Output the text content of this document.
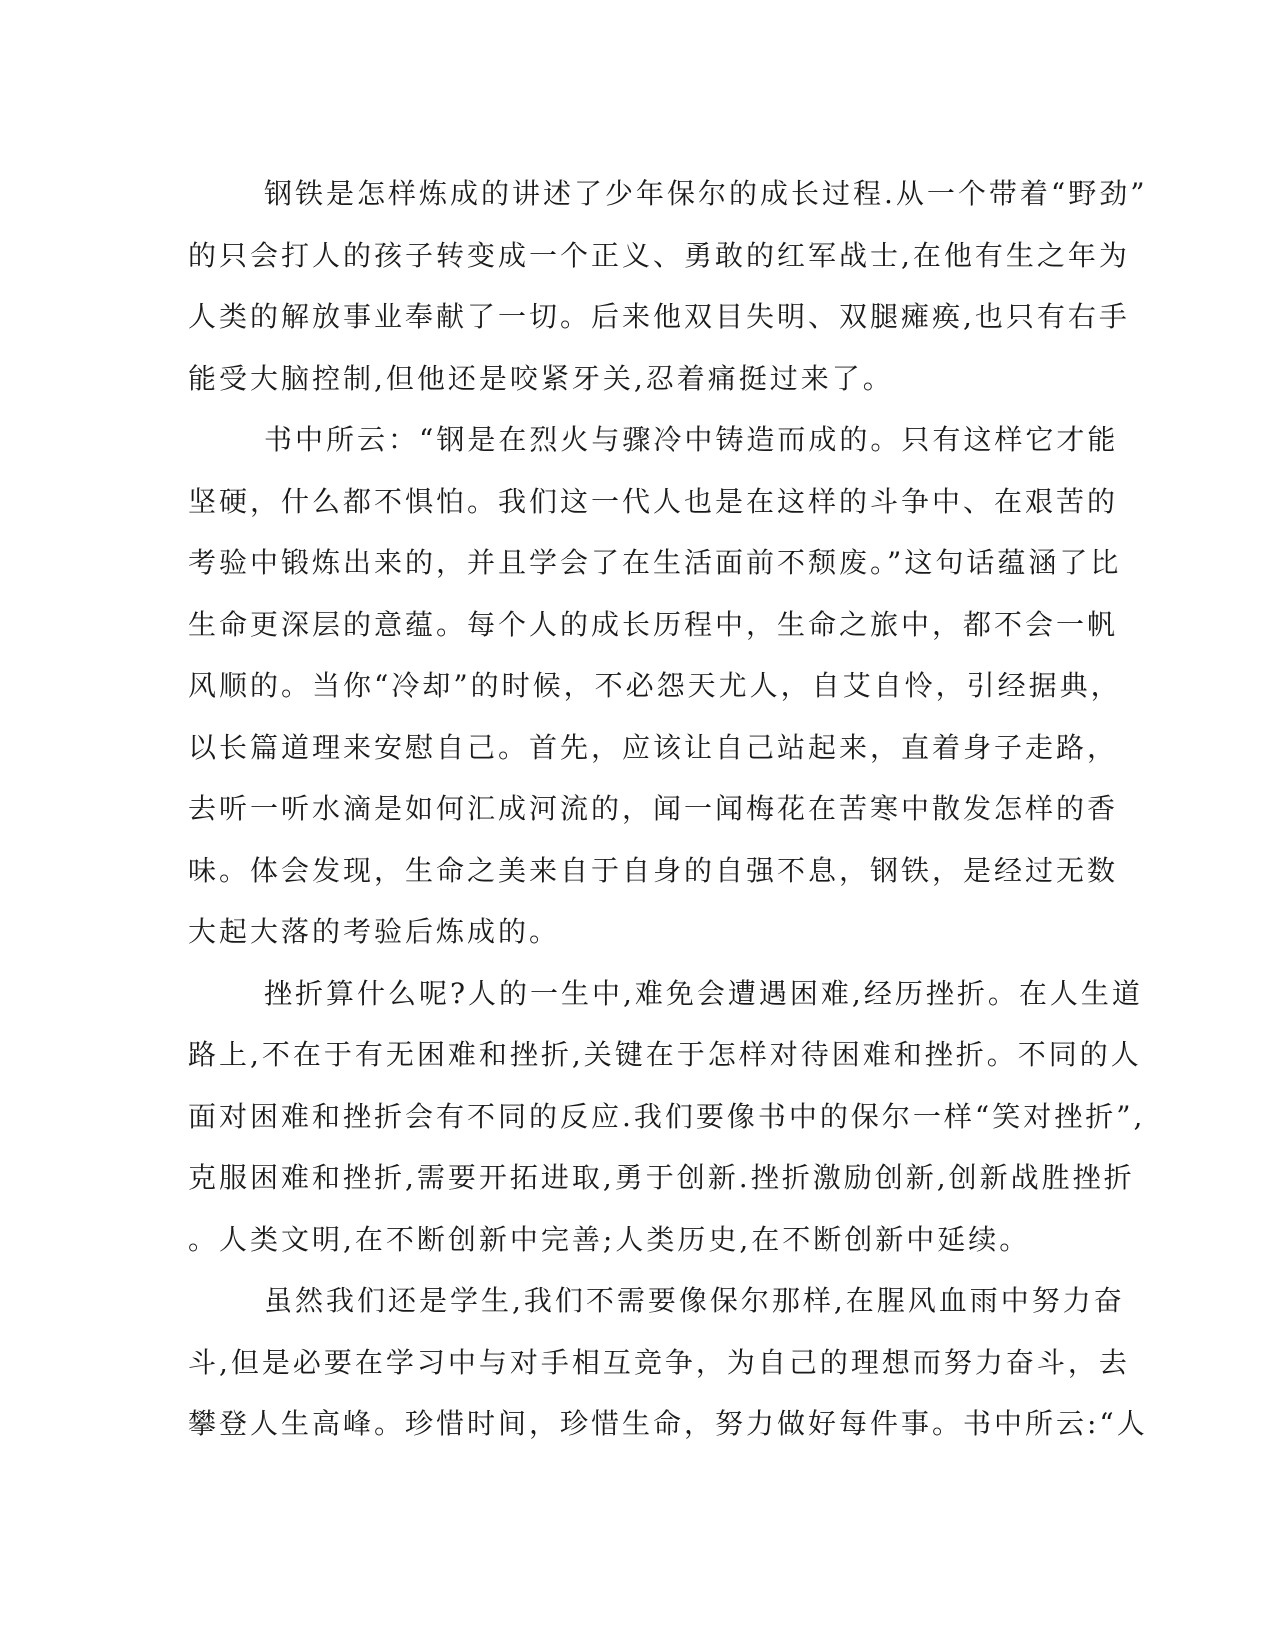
钢铁是怎样炼成的讲述了少年保尔的成长过程.从一个带着“野劲”
的只会打人的孩子转变成一个正义、勇敢的红军战士,在他有生之年为
人类的解放事业奉献了一切。后来他双目失明、双腿瘫痪,也只有右手
能受大脑控制,但他还是咬紧牙关,忍着痛挺过来了。
书中所云：“钢是在烈火与骤冷中铸造而成的。只有这样它才能
坚硬，什么都不惧怕。我们这一代人也是在这样的斗争中、在艰苦的
考验中锻炼出来的，并且学会了在生活面前不颓废。”这句话蕴涵了比
生命更深层的意蕴。每个人的成长历程中，生命之旅中，都不会一帆
风顺的。当你“冷却”的时候，不必怨天尤人，自艾自怜，引经据典，
以长篇道理来安慰自己。首先，应该让自己站起来，直着身子走路，
去听一听水滴是如何汇成河流的，闻一闻梅花在苦寒中散发怎样的香
味。体会发现，生命之美来自于自身的自强不息，钢铁，是经过无数
大起大落的考验后炼成的。
挫折算什么呢?人的一生中,难免会遭遇困难,经历挫折。在人生道
路上,不在于有无困难和挫折,关键在于怎样对待困难和挫折。不同的人
面对困难和挫折会有不同的反应.我们要像书中的保尔一样“笑对挫折”,
克服困难和挫折,需要开拓进取,勇于创新.挫折激励创新,创新战胜挫折
。人类文明,在不断创新中完善;人类历史,在不断创新中延续。
虽然我们还是学生,我们不需要像保尔那样,在腥风血雨中努力奋
斗,但是必要在学习中与对手相互竞争，为自己的理想而努力奋斗，去
攀登人生高峰。珍惜时间，珍惜生命，努力做好每件事。书中所云:“人
